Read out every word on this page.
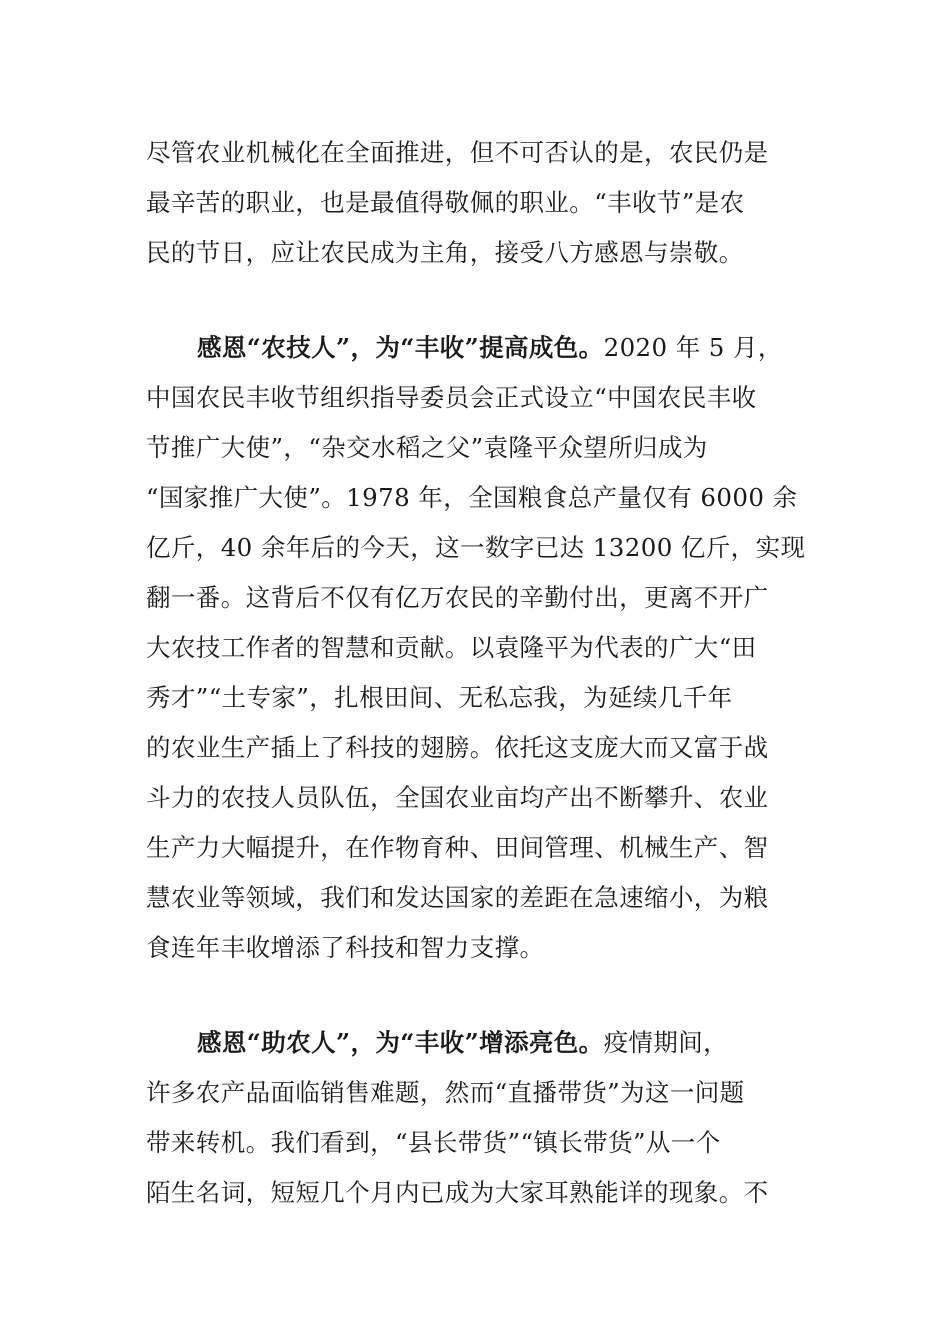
尽管农业机械化在全面推进，但不可否认的是，农民仍是
最辛苦的职业，也是最值得敬佩的职业。“丰收节”是农
民的节日，应让农民成为主角，接受八方感恩与崇敬。
感恩“农技人”，为“丰收”提高成色。2020 年 5 月，
中国农民丰收节组织指导委员会正式设立“中国农民丰收
节推广大使”，“杂交水稻之父”袁隆平众望所归成为
“国家推广大使”。1978 年，全国粮食总产量仅有 6000 余
亿斤，40 余年后的今天，这一数字已达 13200 亿斤，实现
翻一番。这背后不仅有亿万农民的辛勤付出，更离不开广
大农技工作者的智慧和贡献。以袁隆平为代表的广大“田
秀才”“土专家”，扎根田间、无私忘我，为延续几千年
的农业生产插上了科技的翅膀。依托这支庞大而又富于战
斗力的农技人员队伍，全国农业亩均产出不断攀升、农业
生产力大幅提升，在作物育种、田间管理、机械生产、智
慧农业等领域，我们和发达国家的差距在急速缩小，为粮
食连年丰收增添了科技和智力支撑。
感恩“助农人”，为“丰收”增添亮色。疫情期间，
许多农产品面临销售难题，然而“直播带货”为这一问题
带来转机。我们看到，“县长带货”“镇长带货”从一个
陌生名词，短短几个月内已成为大家耳熟能详的现象。不
